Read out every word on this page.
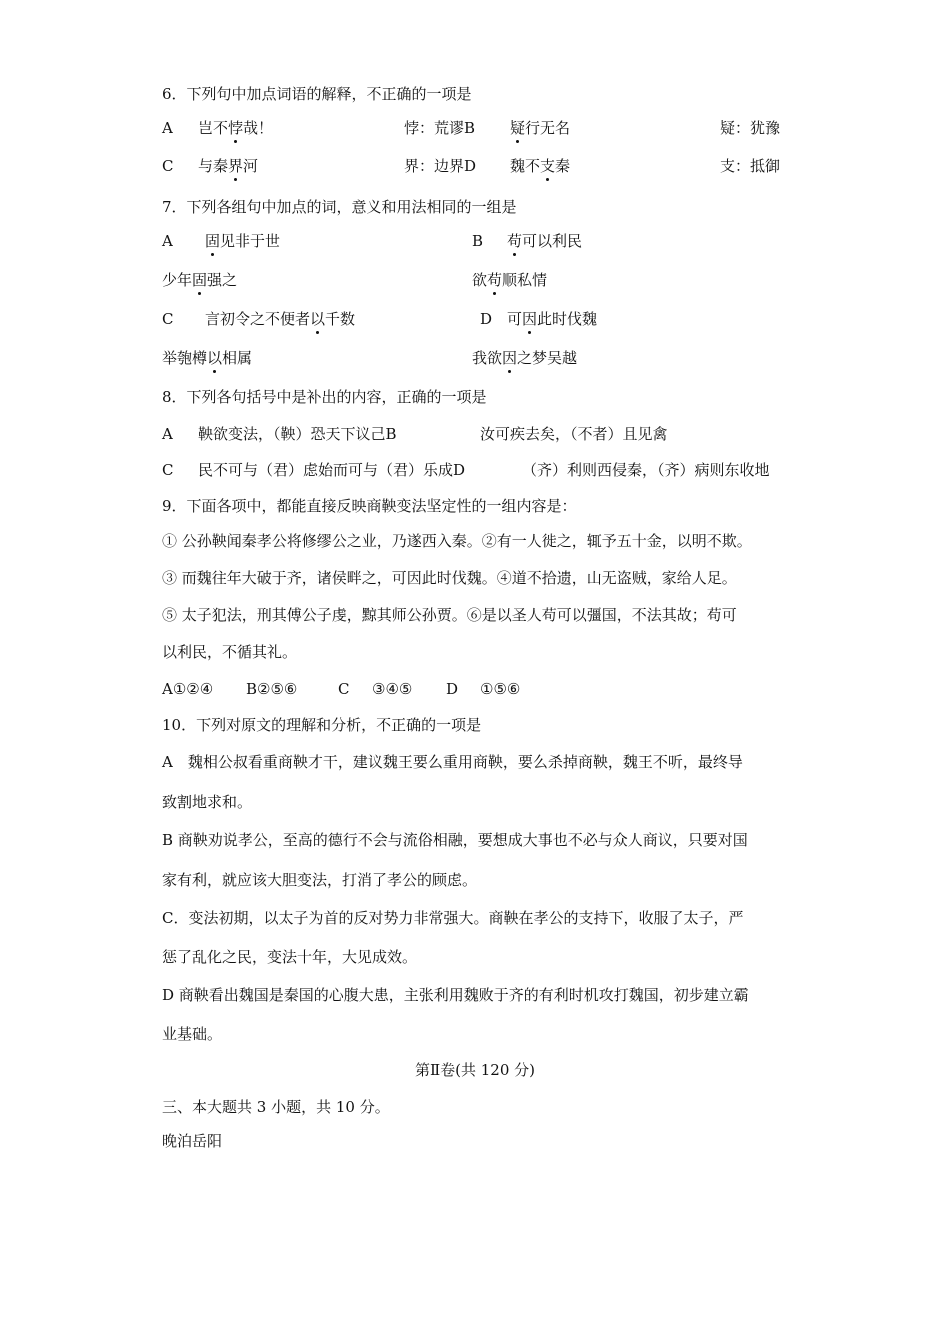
6．下列句中加点词语的解释，不正确的一项是
A 岂不悖哉！	悖：荒谬B 疑行无名	疑：犹豫
C 与秦界河	界：边界D 魏不支秦	支：抵御
7．下列各组句中加点的词，意义和用法相同的一组是
A 固见非于世	B 苟可以利民
少年固强之	欲苟顺私情
C 言初令之不便者以千数	D 可因此时伐魏
举匏樽以相属	我欲因之梦吴越
8．下列各句括号中是补出的内容，正确的一项是
A 鞅欲变法，（鞅）恐天下议己B	汝可疾去矣，（不者）且见禽
C 民不可与（君）虑始而可与（君）乐成D	（齐）利则西侵秦，（齐）病则东收地
9．下面各项中，都能直接反映商鞅变法坚定性的一组内容是：
① 公孙鞅闻秦孝公将修缪公之业，乃遂西入秦。②有一人徙之，辄予五十金，以明不欺。
③ 而魏往年大破于齐，诸侯畔之，可因此时伐魏。④道不拾遗，山无盗贼，家给人足。
⑤ 太子犯法，刑其傅公子虔，黥其师公孙贾。⑥是以圣人苟可以彊国，不法其故；苟可
以利民，不循其礼。
A①②④ B②⑤⑥	C ③④⑤ D ①⑤⑥
10．下列对原文的理解和分析，不正确的一项是
A　魏相公叔看重商鞅才干，建议魏王要么重用商鞅，要么杀掉商鞅，魏王不听，最终导
致割地求和。
B 商鞅劝说孝公，至高的德行不会与流俗相融，要想成大事也不必与众人商议，只要对国
家有利，就应该大胆变法，打消了孝公的顾虑。
C．变法初期，以太子为首的反对势力非常强大。商鞅在孝公的支持下，收服了太子，严
惩了乱化之民，变法十年，大见成效。
D 商鞅看出魏国是秦国的心腹大患，主张利用魏败于齐的有利时机攻打魏国，初步建立霸
业基础。
第Ⅱ卷(共 120 分)
三、本大题共 3 小题，共 10 分。
晚泊岳阳
